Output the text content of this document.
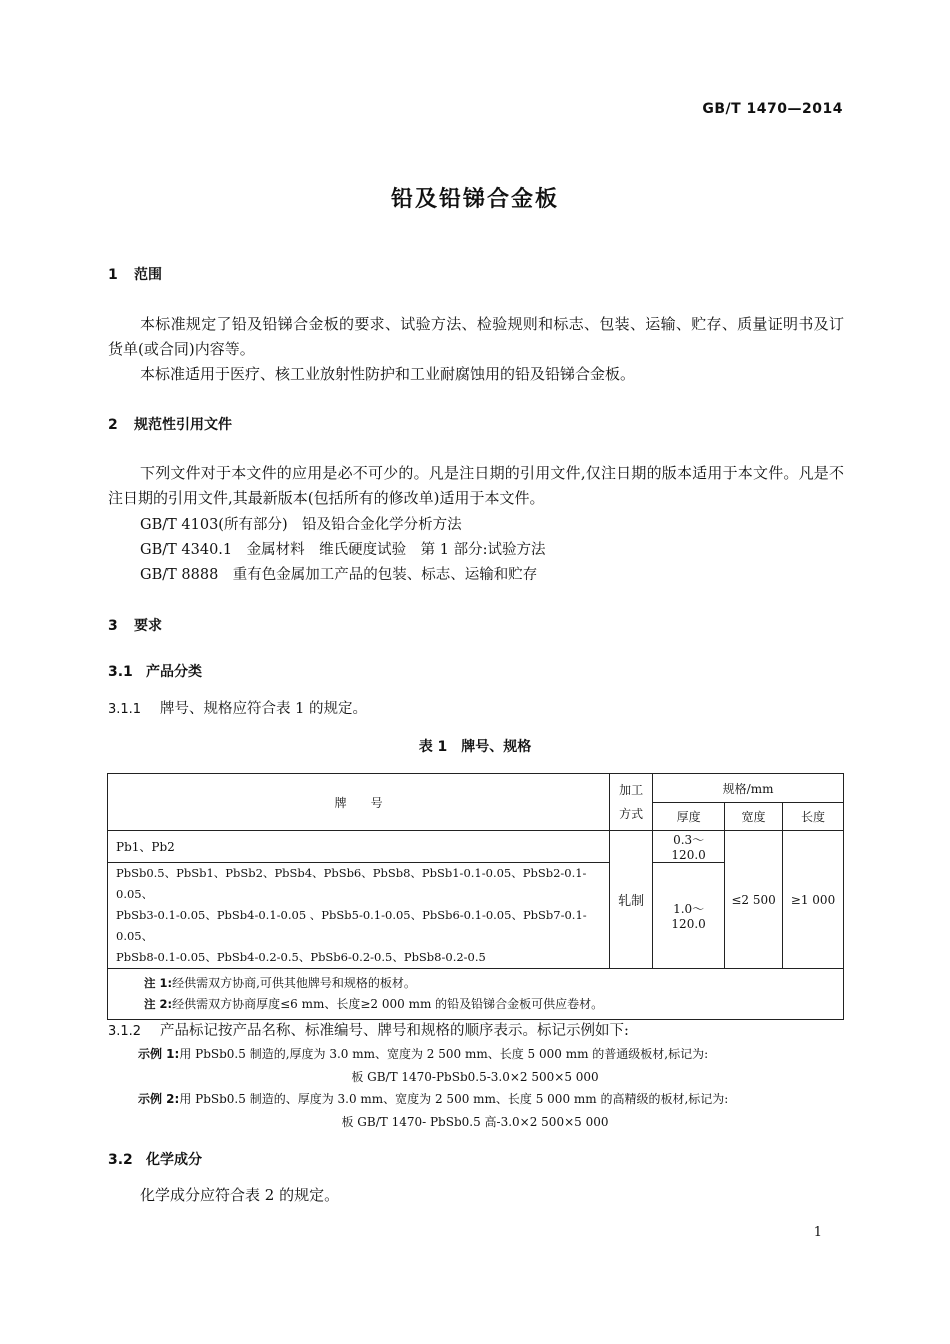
GB/T 1470—2014
铅及铅锑合金板
1 范围
本标准规定了铅及铅锑合金板的要求、试验方法、检验规则和标志、包装、运输、贮存、质量证明书及订货单(或合同)内容等。
本标准适用于医疗、核工业放射性防护和工业耐腐蚀用的铅及铅锑合金板。
2 规范性引用文件
下列文件对于本文件的应用是必不可少的。凡是注日期的引用文件,仅注日期的版本适用于本文件。凡是不注日期的引用文件,其最新版本(包括所有的修改单)适用于本文件。
GB/T 4103(所有部分)　铅及铅合金化学分析方法
GB/T 4340.1　金属材料　维氏硬度试验　第 1 部分:试验方法
GB/T 8888　重有色金属加工产品的包装、标志、运输和贮存
3 要求
3.1 产品分类
3.1.1 牌号、规格应符合表 1 的规定。
表 1　牌号、规格
牌　　号	加工方式	规格/mm		
		厚度	宽度	长度
Pb1、Pb2	轧制	0.3～120.0	≤2 500	≥1 000

PbSb0.5、PbSb1、PbSb2、PbSb4、PbSb6、PbSb8、PbSb1-0.1-0.05、PbSb2-0.1-0.05、
PbSb3-0.1-0.05、PbSb4-0.1-0.05 、PbSb5-0.1-0.05、PbSb6-0.1-0.05、PbSb7-0.1-0.05、
PbSb8-0.1-0.05、PbSb4-0.2-0.5、PbSb6-0.2-0.5、PbSb8-0.2-0.5		1.0～120.0		

注 1:经供需双方协商,可供其他牌号和规格的板材。
注 2:经供需双方协商厚度≤6 mm、长度≥2 000 mm 的铅及铅锑合金板可供应卷材。				
3.1.2 产品标记按产品名称、标准编号、牌号和规格的顺序表示。标记示例如下:
示例 1:用 PbSb0.5 制造的,厚度为 3.0 mm、宽度为 2 500 mm、长度 5 000 mm 的普通级板材,标记为:
板 GB/T 1470-PbSb0.5-3.0×2 500×5 000
示例 2:用 PbSb0.5 制造的、厚度为 3.0 mm、宽度为 2 500 mm、长度 5 000 mm 的高精级的板材,标记为:
板 GB/T 1470- PbSb0.5 高-3.0×2 500×5 000
3.2 化学成分
化学成分应符合表 2 的规定。
1
